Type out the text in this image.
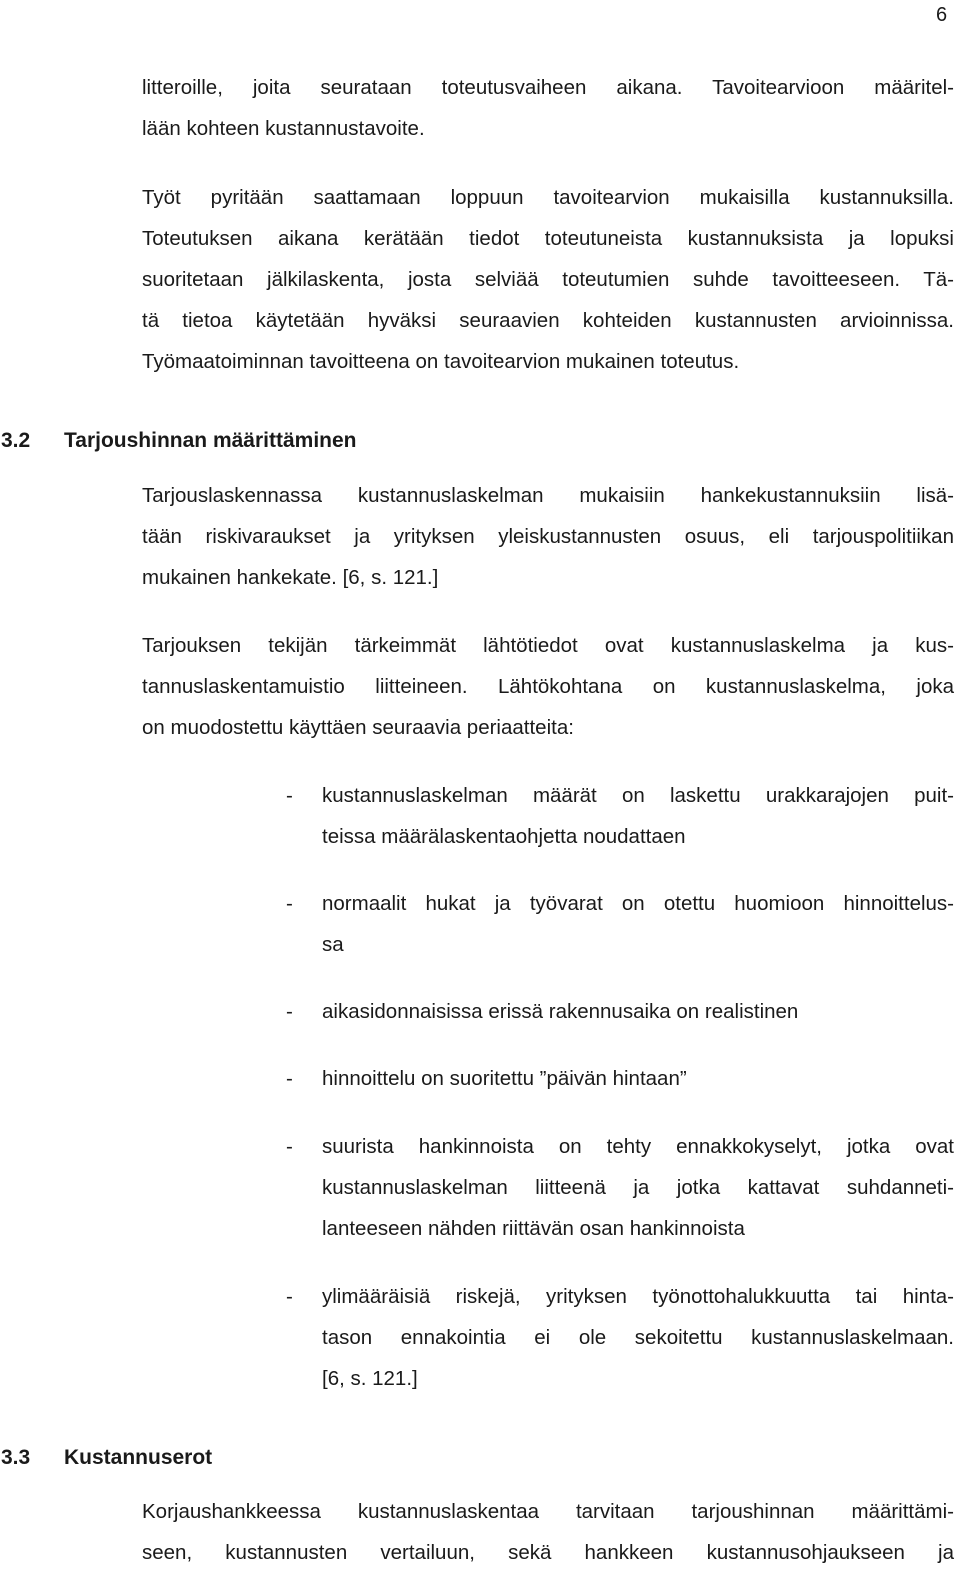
6
litteroille, joita seurataan toteutusvaiheen aikana. Tavoitearvioon määritel-
lään kohteen kustannustavoite.
Työt pyritään saattamaan loppuun tavoitearvion mukaisilla kustannuksilla.
Toteutuksen aikana kerätään tiedot toteutuneista kustannuksista ja lopuksi
suoritetaan jälkilaskenta, josta selviää toteutumien suhde tavoitteeseen. Tä-
tä tietoa käytetään hyväksi seuraavien kohteiden kustannusten arvioinnissa.
Työmaatoiminnan tavoitteena on tavoitearvion mukainen toteutus.
3.2 Tarjoushinnan määrittäminen
Tarjouslaskennassa kustannuslaskelman mukaisiin hankekustannuksiin lisä-
tään riskivaraukset ja yrityksen yleiskustannusten osuus, eli tarjouspolitiikan
mukainen hankekate. [6, s. 121.]
Tarjouksen tekijän tärkeimmät lähtötiedot ovat kustannuslaskelma ja kus-
tannuslaskentamuistio liitteineen. Lähtökohtana on kustannuslaskelma, joka
on muodostettu käyttäen seuraavia periaatteita:
- kustannuslaskelman määrät on laskettu urakkarajojen puit-
teissa määrälaskentaohjetta noudattaen
- normaalit hukat ja työvarat on otettu huomioon hinnoittelus-
sa
- aikasidonnaisissa erissä rakennusaika on realistinen
- hinnoittelu on suoritettu ”päivän hintaan”
- suurista hankinnoista on tehty ennakkokyselyt, jotka ovat
kustannuslaskelman liitteenä ja jotka kattavat suhdanneti-
lanteeseen nähden riittävän osan hankinnoista
- ylimääräisiä riskejä, yrityksen työnottohalukkuutta tai hinta-
tason ennakointia ei ole sekoitettu kustannuslaskelmaan.
[6, s. 121.]
3.3 Kustannuserot
Korjaushankkeessa kustannuslaskentaa tarvitaan tarjoushinnan määrittämi-
seen, kustannusten vertailuun, sekä hankkeen kustannusohjaukseen ja
